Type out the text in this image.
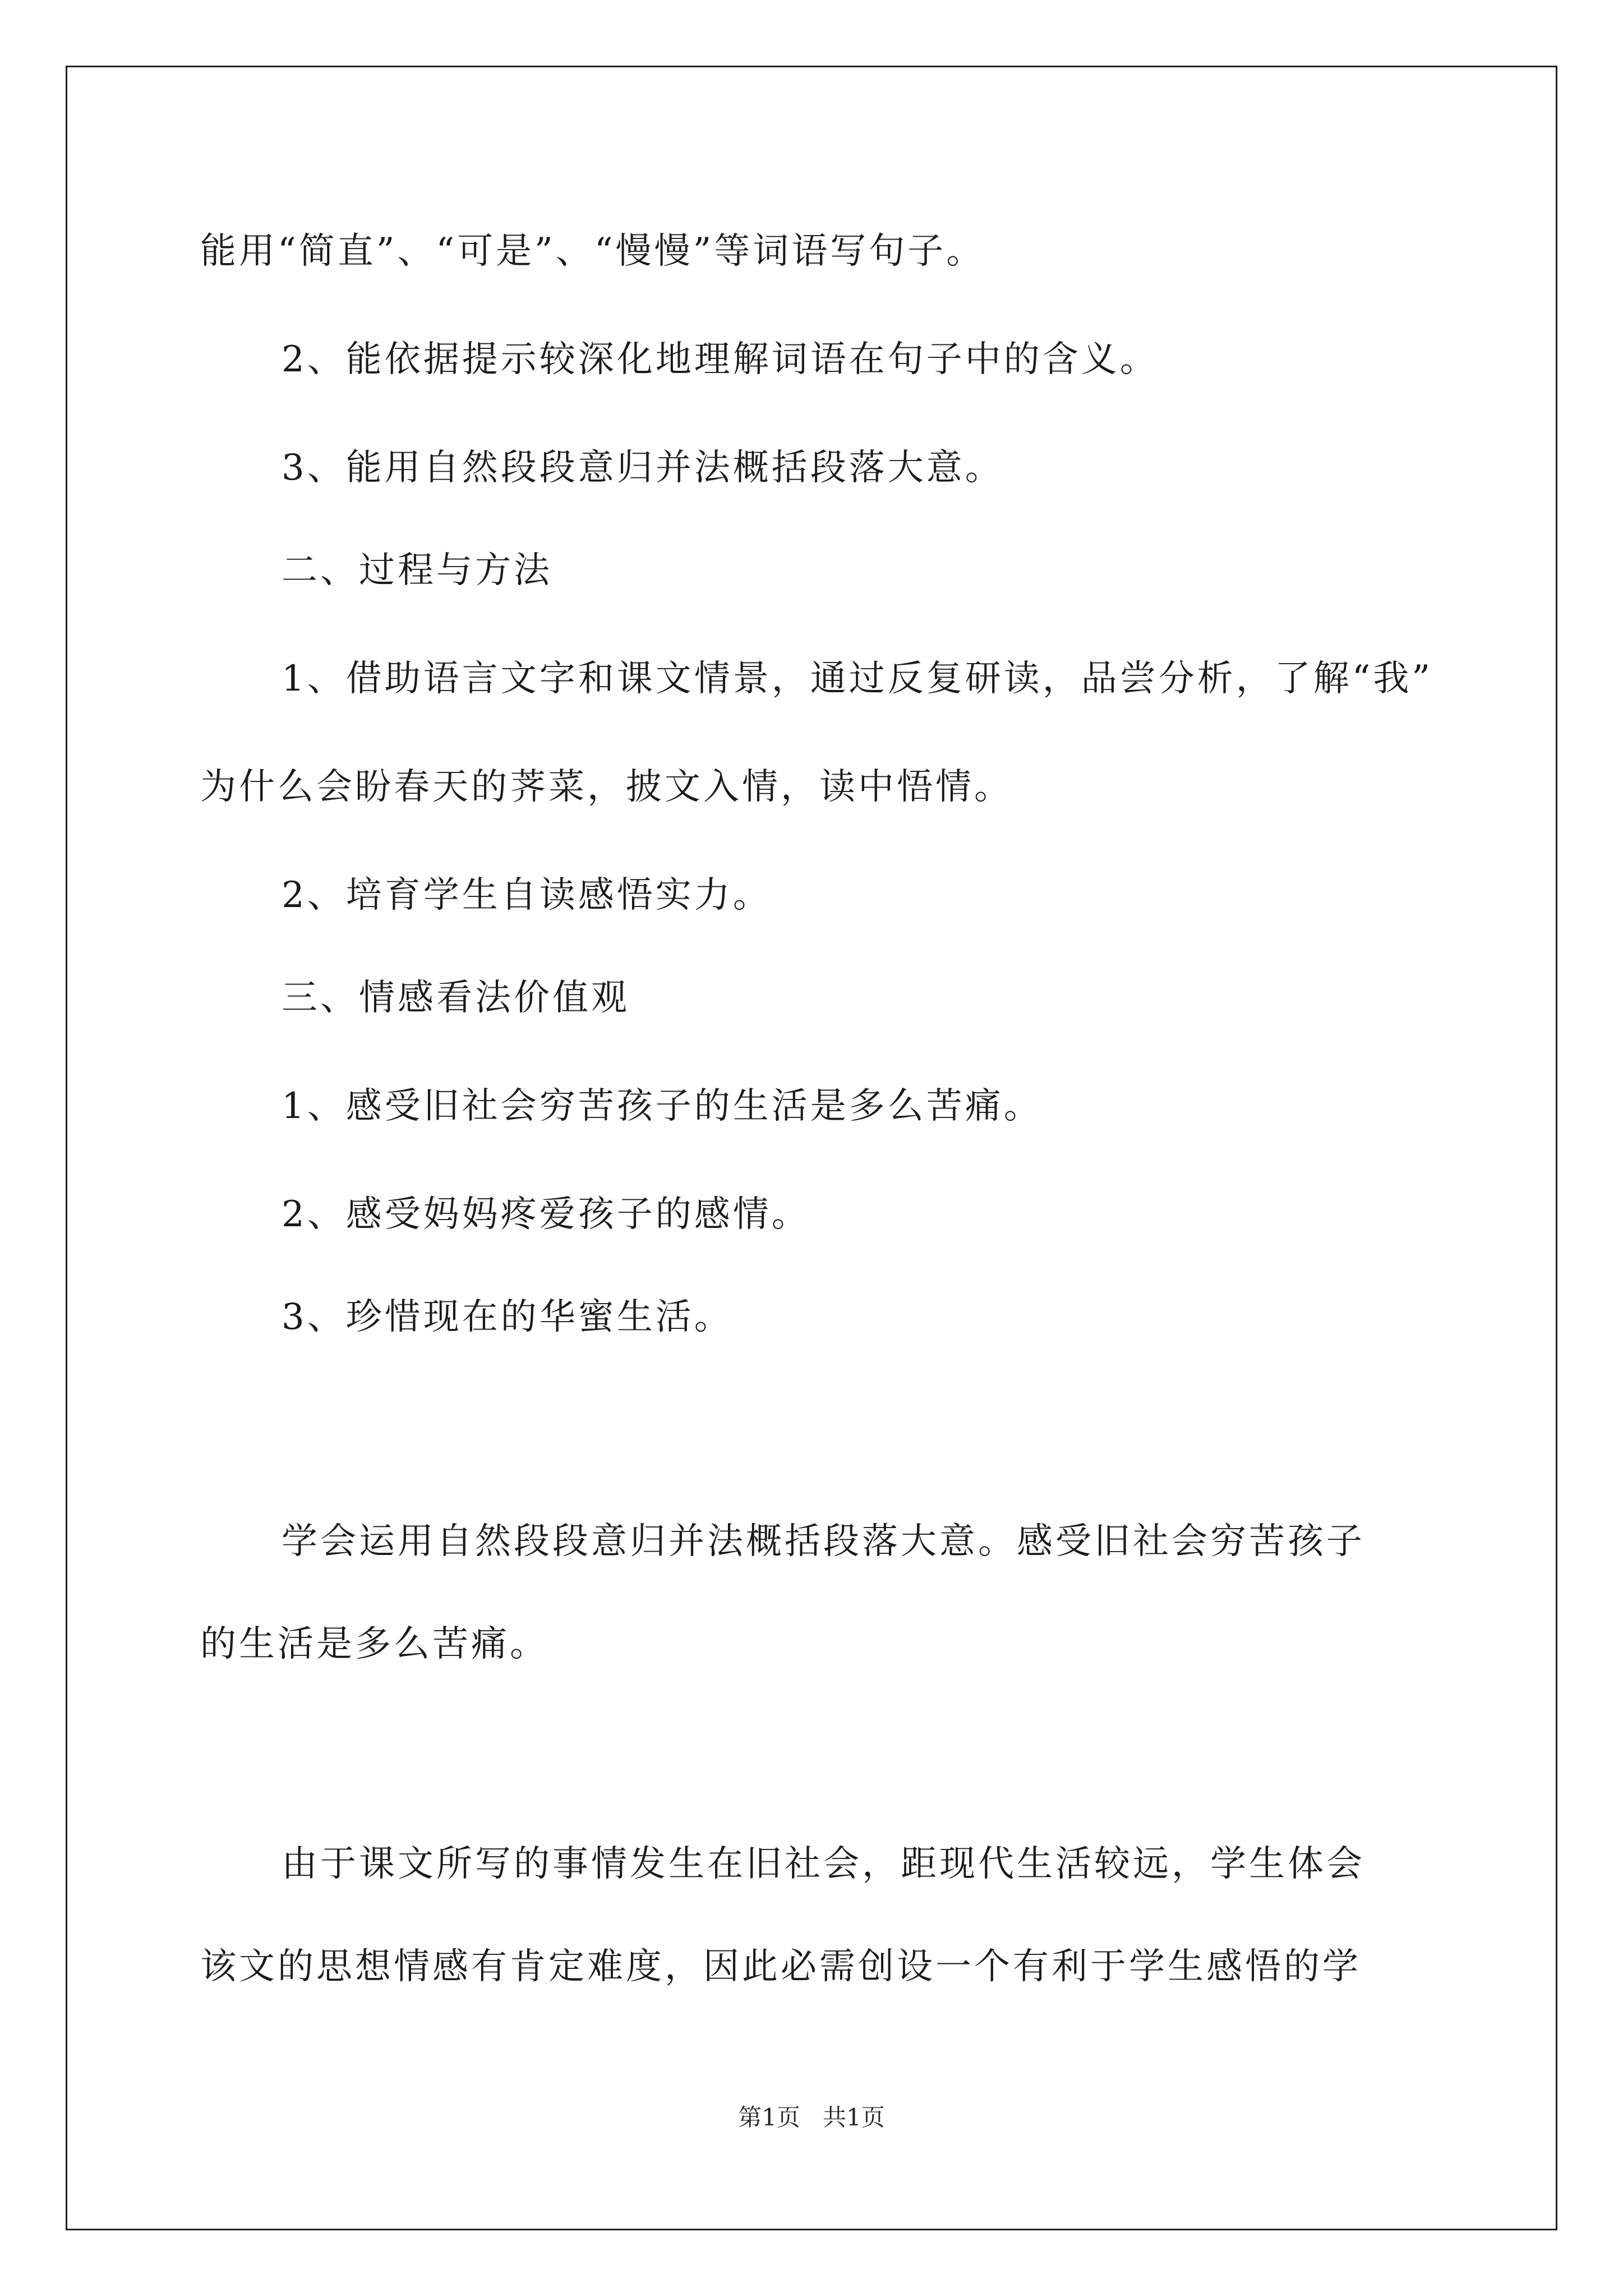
能用“简直”、“可是”、“慢慢”等词语写句子。
2、能依据提示较深化地理解词语在句子中的含义。
3、能用自然段段意归并法概括段落大意。
二、过程与方法
1、借助语言文字和课文情景，通过反复研读，品尝分析，了解“我”
为什么会盼春天的荠菜，披文入情，读中悟情。
2、培育学生自读感悟实力。
三、情感看法价值观
1、感受旧社会穷苦孩子的生活是多么苦痛。
2、感受妈妈疼爱孩子的感情。
3、珍惜现在的华蜜生活。
学会运用自然段段意归并法概括段落大意。感受旧社会穷苦孩子
的生活是多么苦痛。
由于课文所写的事情发生在旧社会，距现代生活较远，学生体会
该文的思想情感有肯定难度，因此必需创设一个有利于学生感悟的学
第1页 共1页
